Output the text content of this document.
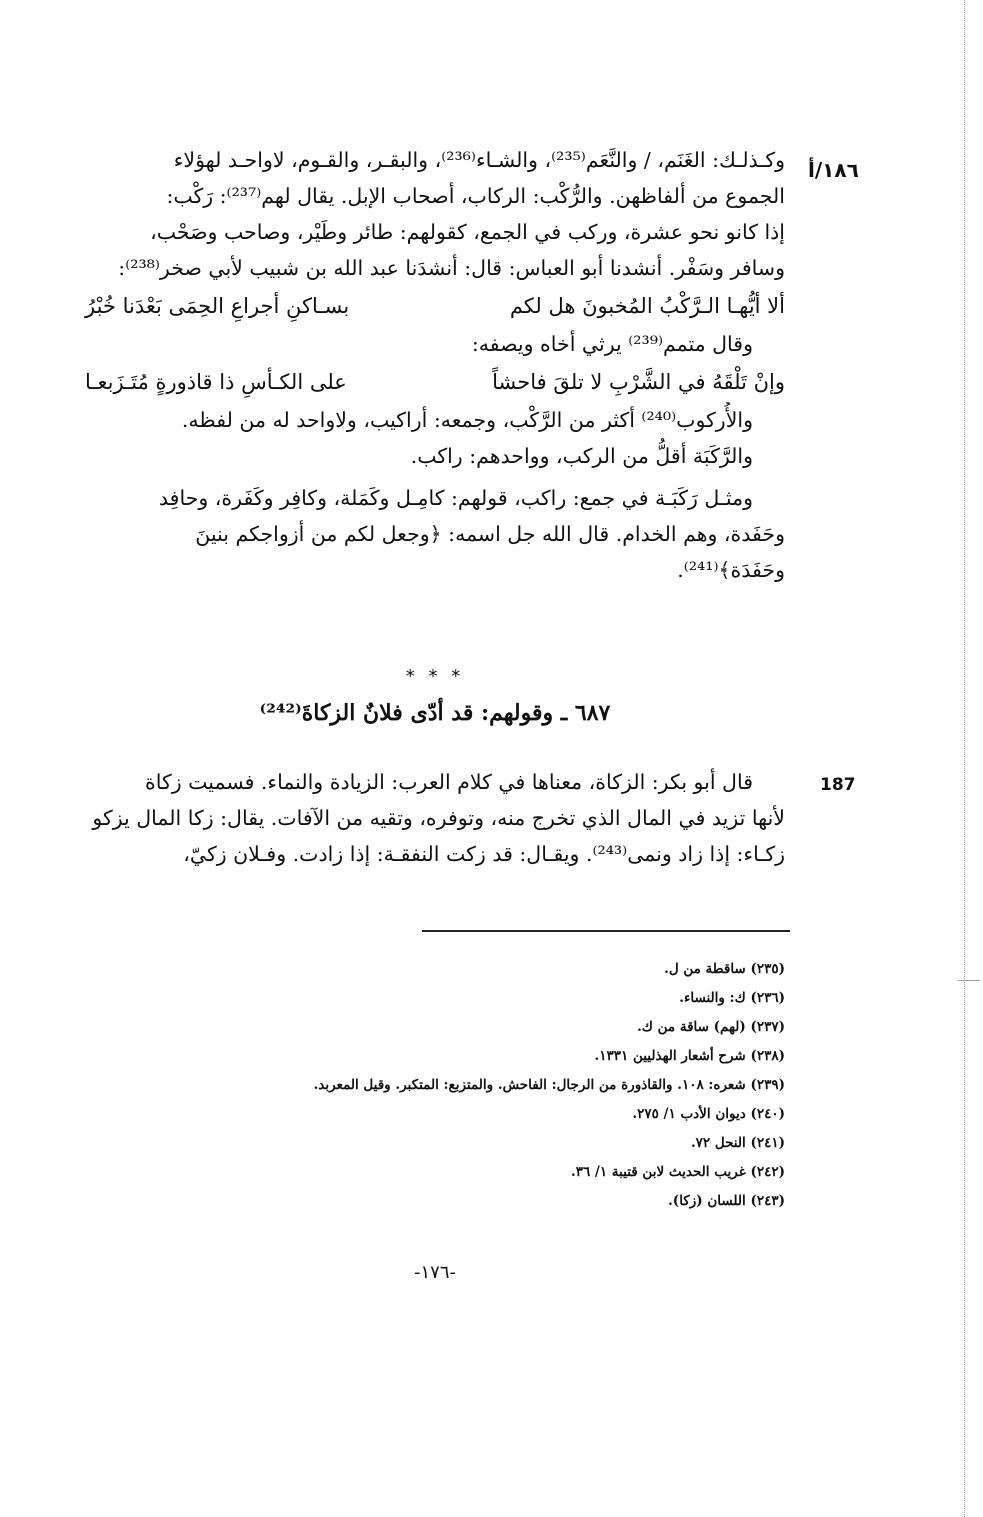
١٨٦/أ
وكـذلـك: الغَنَم، / والنَّعَم⁽²³⁵⁾، والشـاء⁽²³⁶⁾، والبقـر، والقـوم، لاواحـد لهؤلاء
الجموع من ألفاظهن. والرُّكْب: الركاب، أصحاب الإبل. يقال لهم⁽²³⁷⁾: رَكْب:
إذا كانو نحو عشرة، وركب في الجمع، كقولهم: طائر وطَيْر، وصاحب وصَحْب،
وسافر وسَفْر. أنشدنا أبو العباس: قال: أنشدَنا عبد الله بن شبيب لأبي صخر⁽²³⁸⁾:
ألا أيُّهـا الـرَّكْبُ المُخبونَ هل لكم
بسـاكنِ أجراعِ الحِمَى بَعْدَنا خُبْرُ
وقال متمم⁽²³⁹⁾ يرثي أخاه ويصفه:
وإنْ تَلْقَهُ في الشَّرْبِ لا تلقَ فاحشاً
على الكـأسِ ذا قاذورةٍ مُتَـزَبعـا
والأُركوب⁽²⁴⁰⁾ أكثر من الرَّكْب، وجمعه: أراكيب، ولاواحد له من لفظه.
والرَّكَبَة أقلُّ من الركب، وواحدهم: راكب.
ومثـل رَكَبَـة في جمع: راكب، قولهم: كامِـل وكَمَلة، وكافِر وكَفَرة، وحافِد
وحَفَدة، وهم الخدام. قال الله جل اسمه: ﴿وجعل لكم من أزواجكم بنينَ
وحَفَدَة﴾⁽²⁴¹⁾.
* * *
٦٨٧ ـ وقولهم: قد أدّى فلانٌ الزكاةَ⁽²⁴²⁾
187
قال أبو بكر: الزكاة، معناها في كلام العرب: الزيادة والنماء. فسميت زكاة
لأنها تزيد في المال الذي تخرج منه، وتوفره، وتقيه من الآفات. يقال: زكا المال يزكو
زكـاء: إذا زاد ونمى⁽²⁴³⁾. ويقـال: قد زكت النفقـة: إذا زادت. وفـلان زكيّ،
(٢٣٥) ساقطة من ل.
(٢٣٦) ك: والنساء.
(٢٣٧) (لهم) ساقة من ك.
(٢٣٨) شرح أشعار الهذليين ١٣٣١.
(٢٣٩) شعره: ١٠٨. والقاذورة من الرجال: الفاحش. والمتزبع: المتكبر. وقيل المعربد.
(٢٤٠) ديوان الأدب ١/ ٢٧٥.
(٢٤١) النحل ٧٢.
(٢٤٢) غريب الحديث لابن قتيبة ١/ ٣٦.
(٢٤٣) اللسان (زكا).
-١٧٦-
